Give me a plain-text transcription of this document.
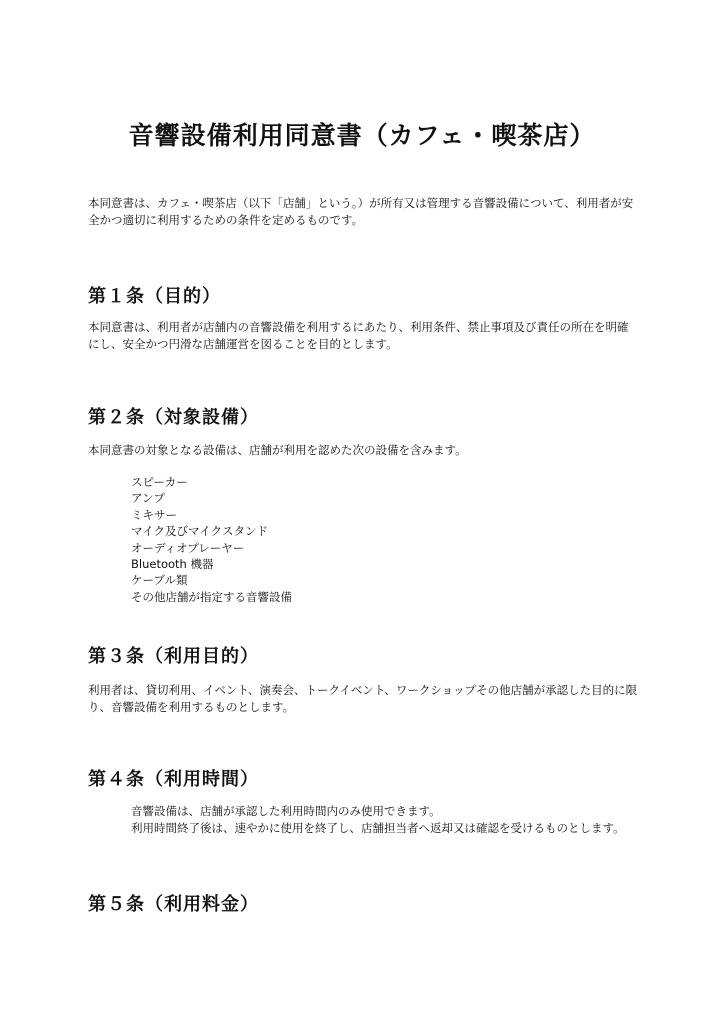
音響設備利用同意書（カフェ・喫茶店）

本同意書は、カフェ・喫茶店（以下「店舗」という。）が所有又は管理する音響設備について、利用者が安全かつ適切に利用するための条件を定めるものです。

第１条（目的）

本同意書は、利用者が店舗内の音響設備を利用するにあたり、利用条件、禁止事項及び責任の所在を明確にし、安全かつ円滑な店舗運営を図ることを目的とします。

第２条（対象設備）

本同意書の対象となる設備は、店舗が利用を認めた次の設備を含みます。

スピーカー
アンプ
ミキサー
マイク及びマイクスタンド
オーディオプレーヤー
Bluetooth 機器
ケーブル類
その他店舗が指定する音響設備
第３条（利用目的）

利用者は、貸切利用、イベント、演奏会、トークイベント、ワークショップその他店舗が承認した目的に限り、音響設備を利用するものとします。

第４条（利用時間）

音響設備は、店舗が承認した利用時間内のみ使用できます。

利用時間終了後は、速やかに使用を終了し、店舗担当者へ返却又は確認を受けるものとします。

第５条（利用料金）
